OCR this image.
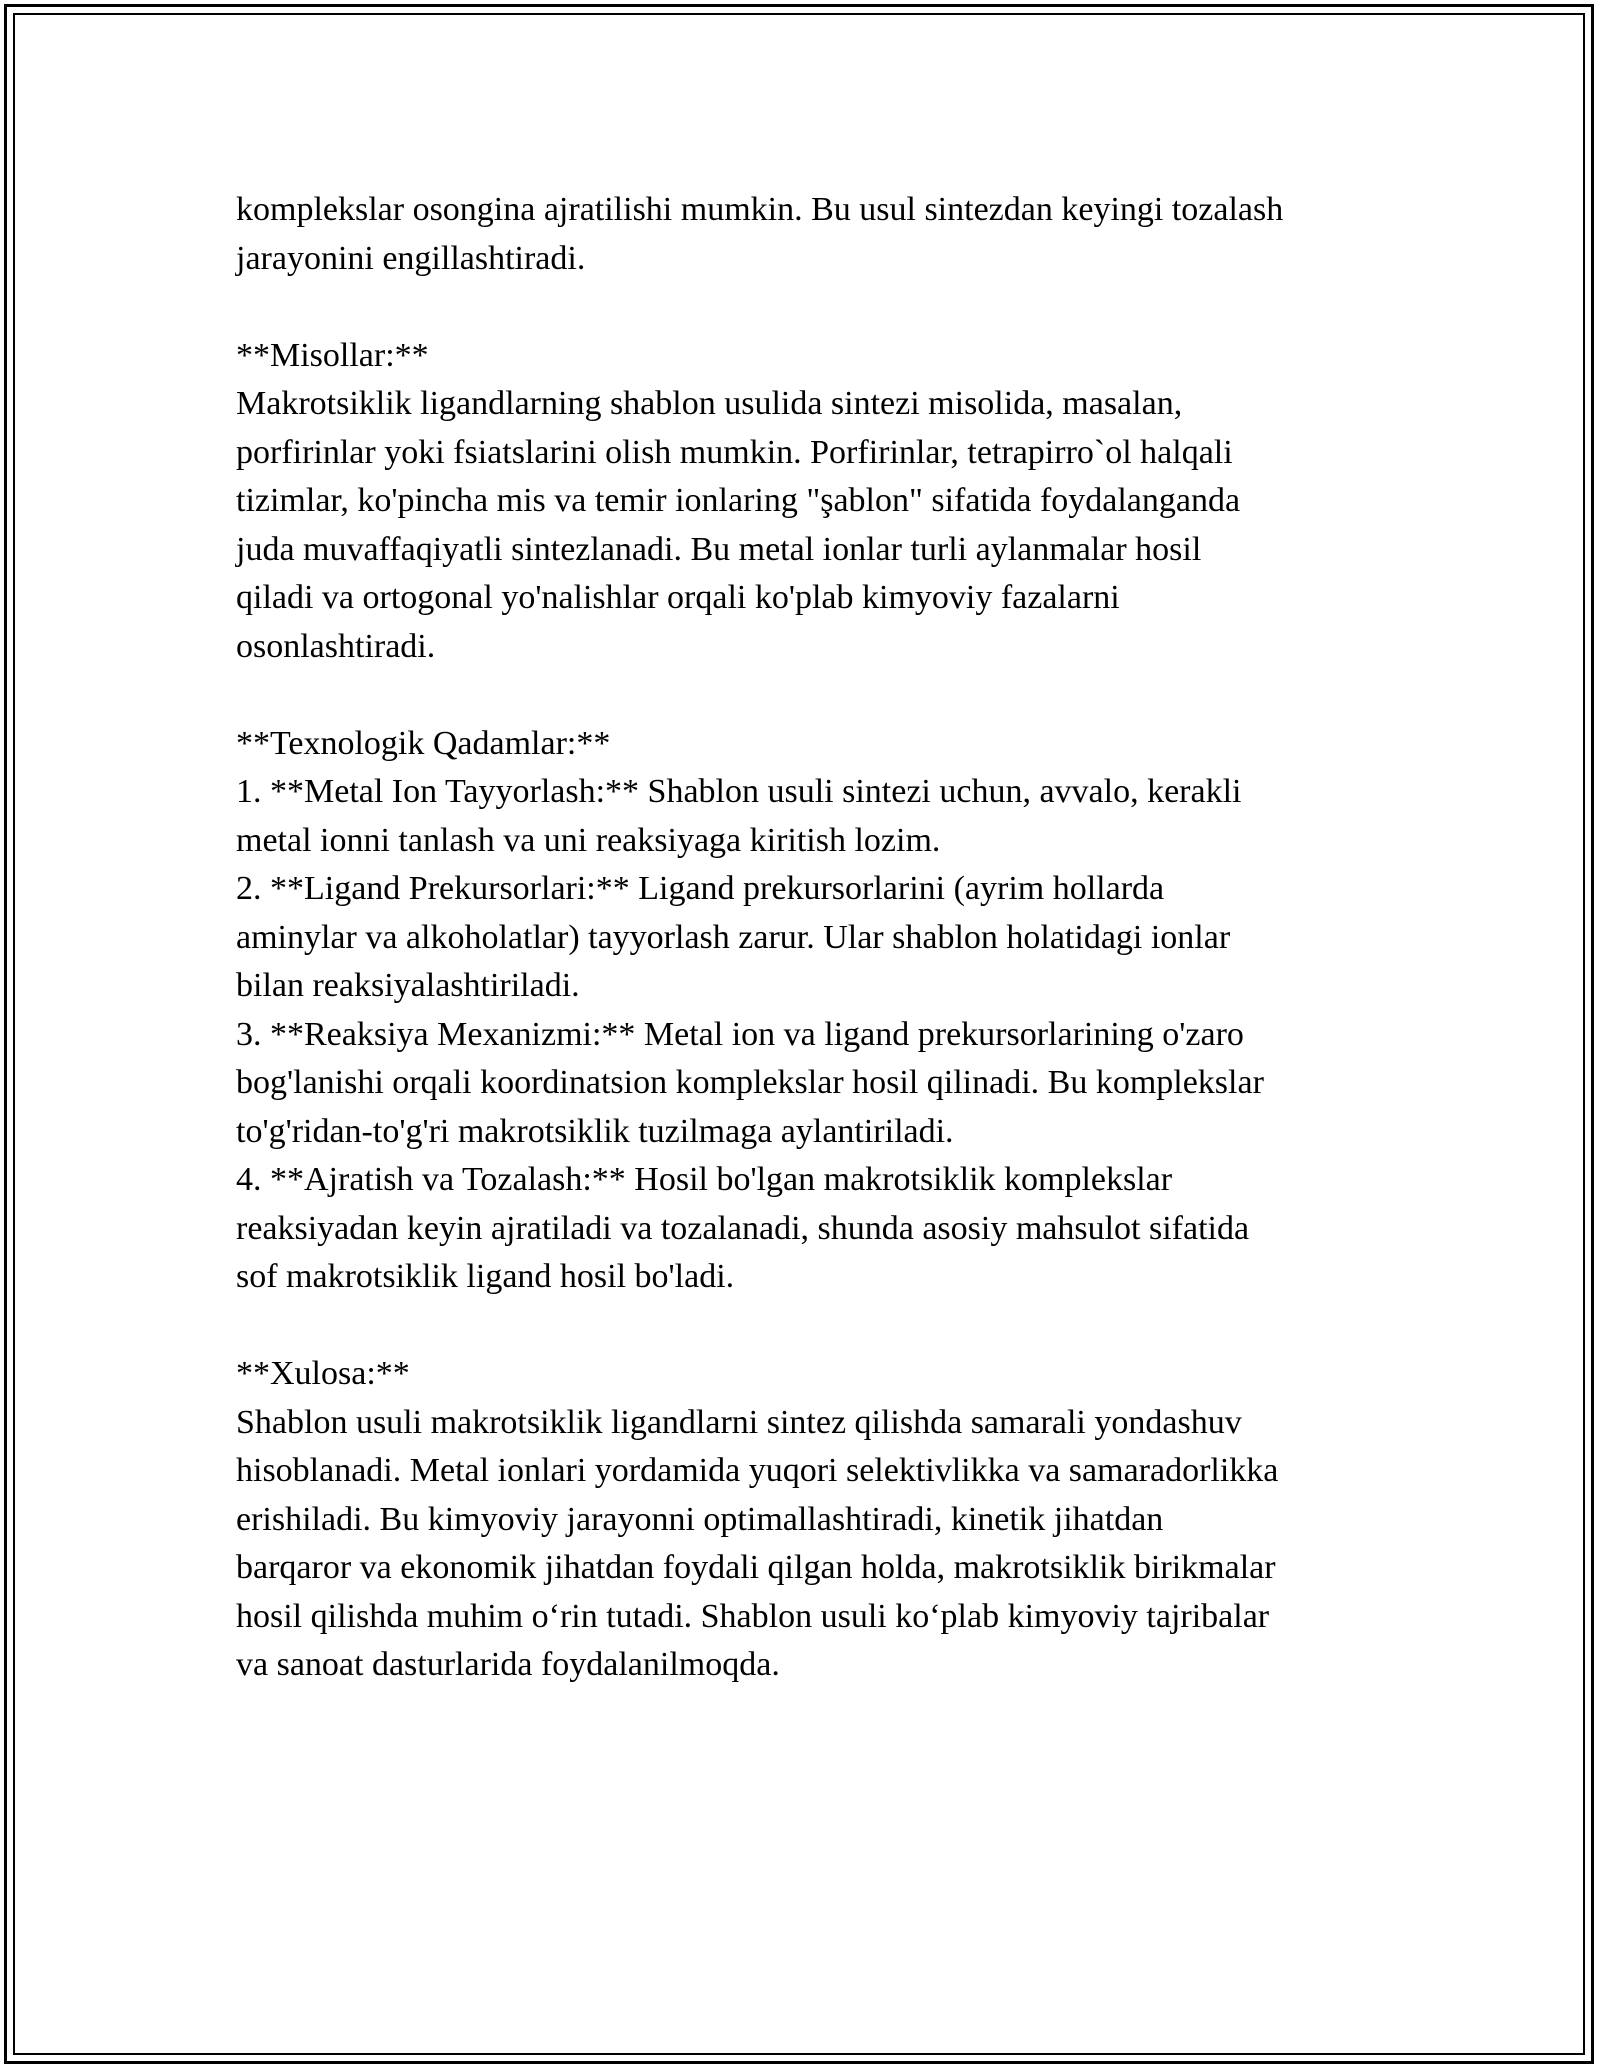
komplekslar osongina ajratilishi mumkin. Bu usul sintezdan keyingi tozalash
jarayonini engillashtiradi.
**Misollar:**
Makrotsiklik ligandlarning shablon usulida sintezi misolida, masalan,
porfirinlar yoki fsiatslarini olish mumkin. Porfirinlar, tetrapirro`ol halqali
tizimlar, ko'pincha mis va temir ionlaring "şablon" sifatida foydalanganda
juda muvaffaqiyatli sintezlanadi. Bu metal ionlar turli aylanmalar hosil
qiladi va ortogonal yo'nalishlar orqali ko'plab kimyoviy fazalarni
osonlashtiradi.
**Texnologik Qadamlar:**
1. **Metal Ion Tayyorlash:** Shablon usuli sintezi uchun, avvalo, kerakli
metal ionni tanlash va uni reaksiyaga kiritish lozim.
2. **Ligand Prekursorlari:** Ligand prekursorlarini (ayrim hollarda
aminylar va alkoholatlar) tayyorlash zarur. Ular shablon holatidagi ionlar
bilan reaksiyalashtiriladi.
3. **Reaksiya Mexanizmi:** Metal ion va ligand prekursorlarining o'zaro
bog'lanishi orqali koordinatsion komplekslar hosil qilinadi. Bu komplekslar
to'g'ridan-to'g'ri makrotsiklik tuzilmaga aylantiriladi.
4. **Ajratish va Tozalash:** Hosil bo'lgan makrotsiklik komplekslar
reaksiyadan keyin ajratiladi va tozalanadi, shunda asosiy mahsulot sifatida
sof makrotsiklik ligand hosil bo'ladi.
**Xulosa:**
Shablon usuli makrotsiklik ligandlarni sintez qilishda samarali yondashuv
hisoblanadi. Metal ionlari yordamida yuqori selektivlikka va samaradorlikka
erishiladi. Bu kimyoviy jarayonni optimallashtiradi, kinetik jihatdan
barqaror va ekonomik jihatdan foydali qilgan holda, makrotsiklik birikmalar
hosil qilishda muhim o‘rin tutadi. Shablon usuli ko‘plab kimyoviy tajribalar
va sanoat dasturlarida foydalanilmoqda.
